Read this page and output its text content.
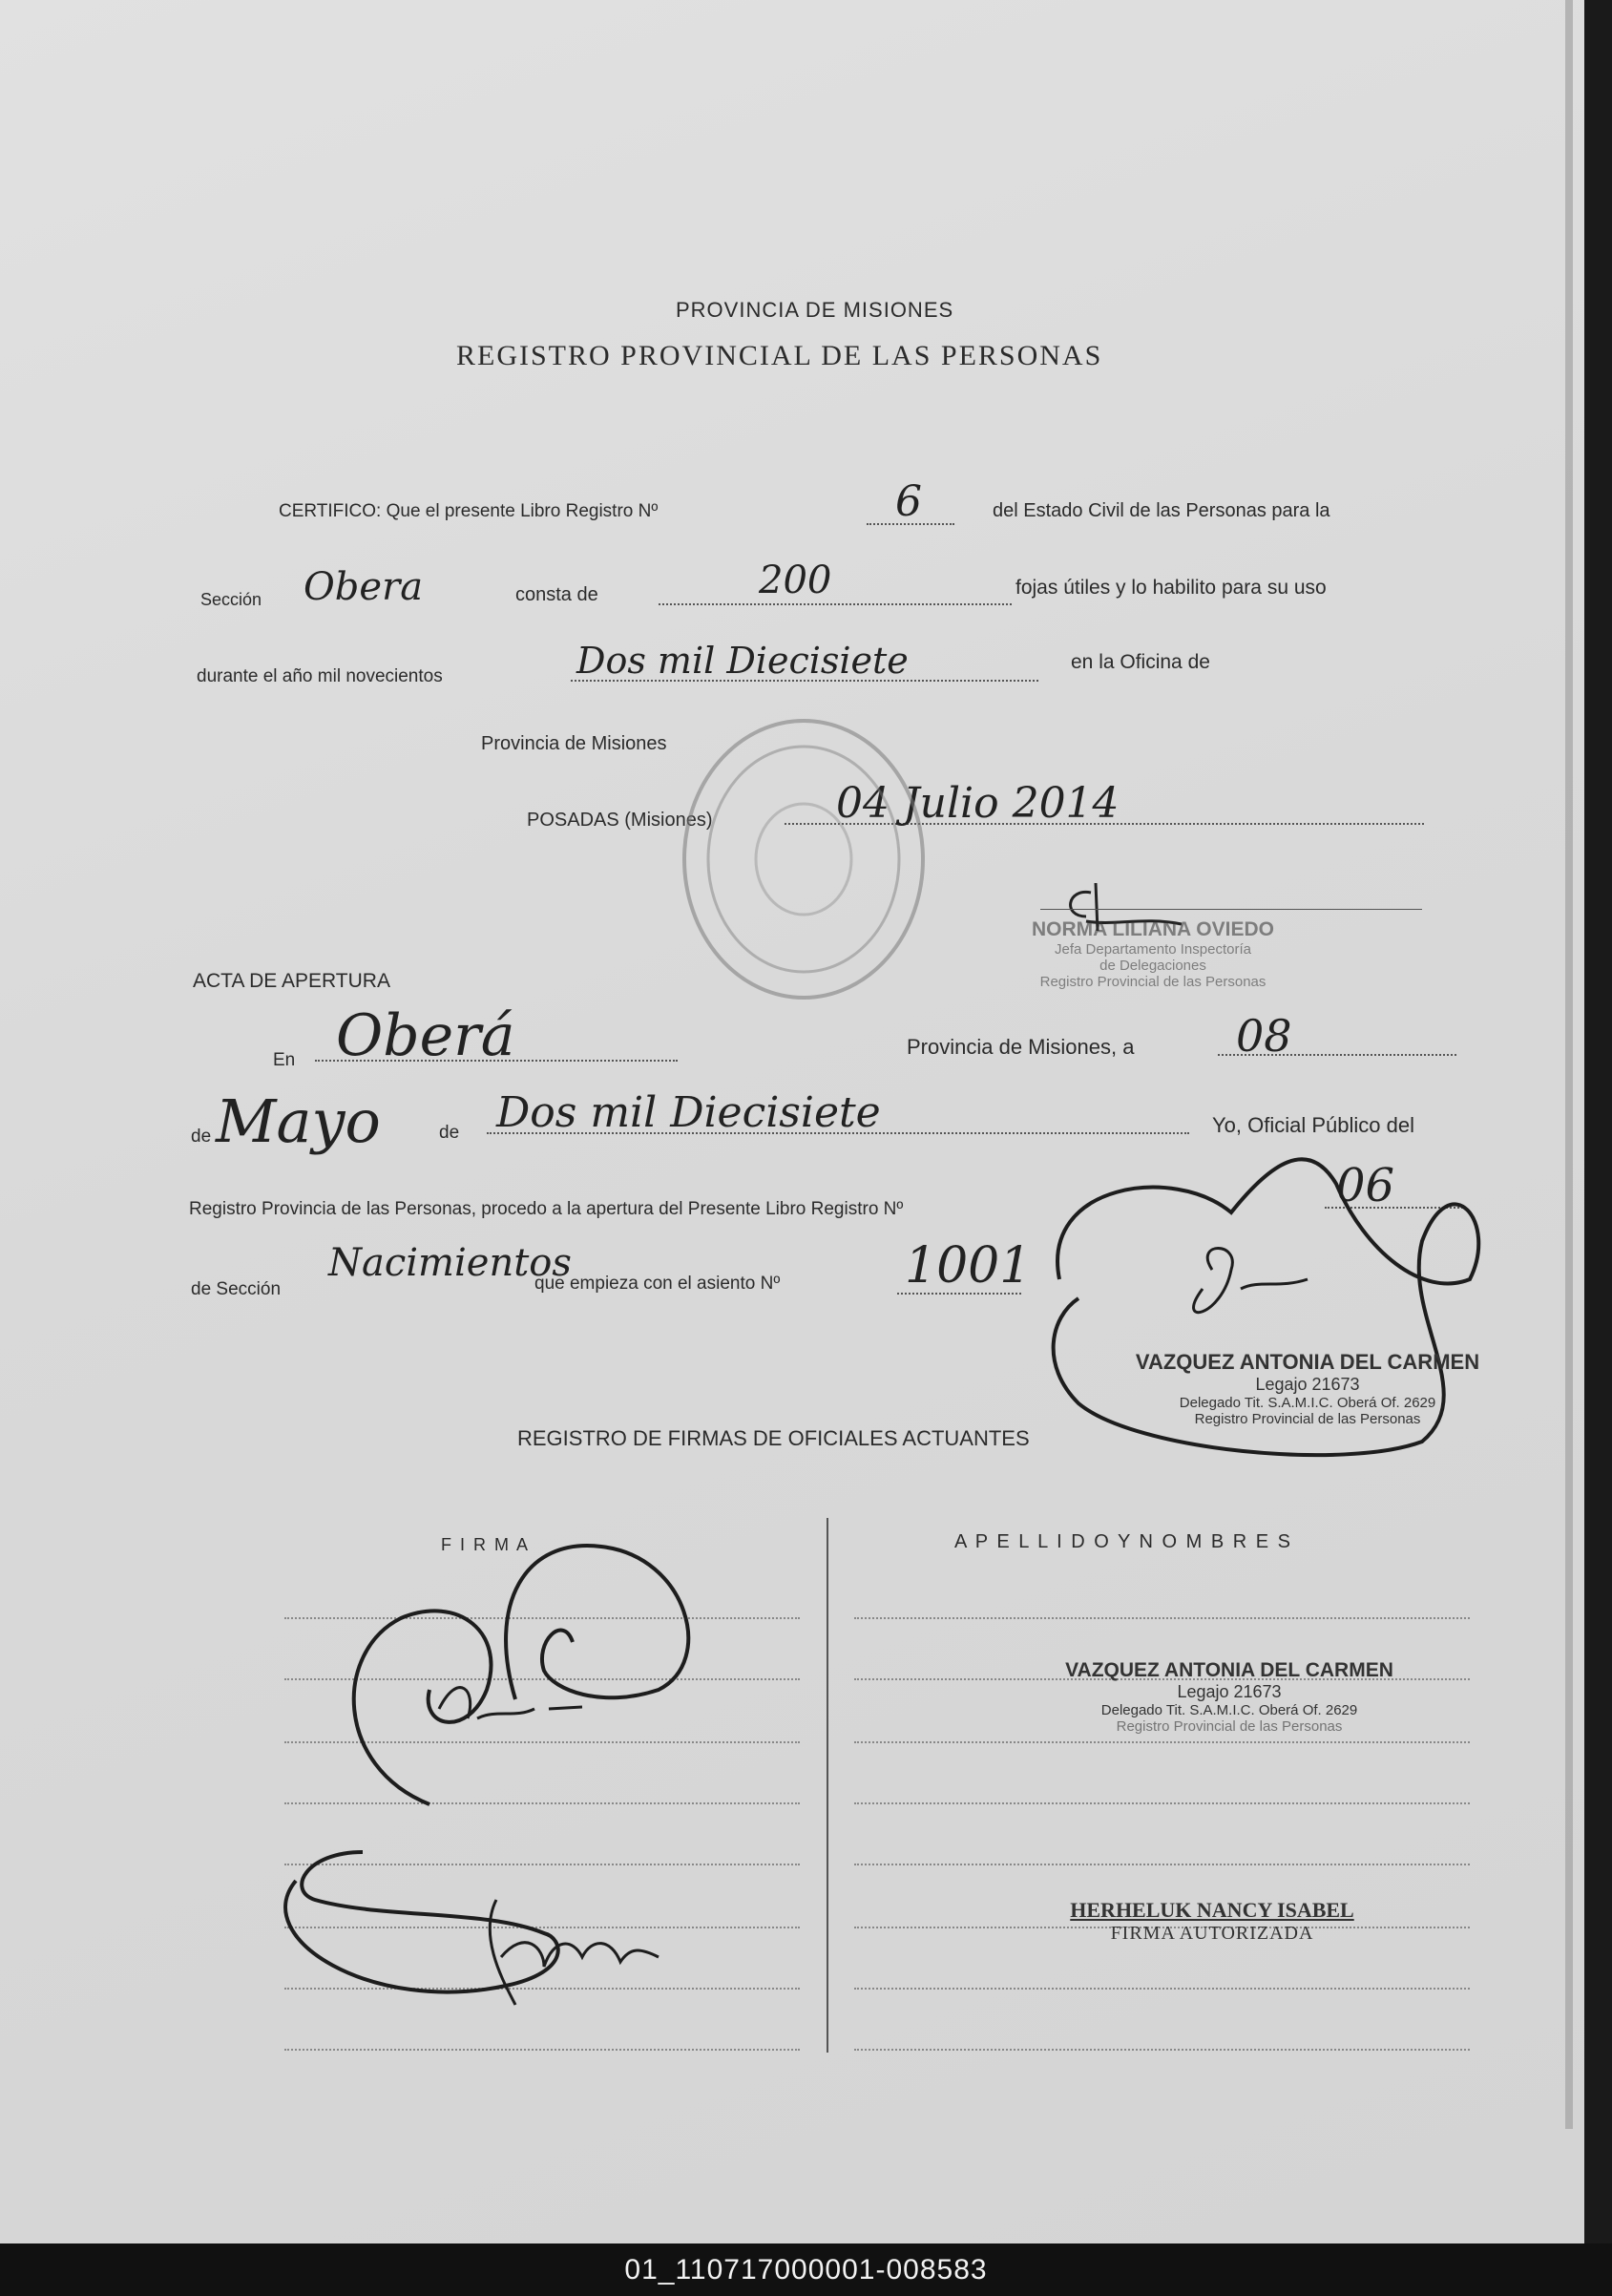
PROVINCIA DE MISIONES
REGISTRO PROVINCIAL DE LAS PERSONAS
CERTIFICO: Que el presente Libro Registro Nº	6	del Estado Civil de las Personas para la
Sección Obera	consta de	200	fojas útiles y lo habilito para su uso
durante el año mil novecientos	Dos mil Diecisiete	en la Oficina de
Provincia de Misiones
POSADAS (Misiones)	04 Julio 2014
NORMA LILIANA OVIEDO
Jefa Departamento Inspectoría
de Delegaciones
Registro Provincial de las Personas
ACTA DE APERTURA
En Oberá	Provincia de Misiones, a 08
de Mayo	de Dos mil Diecisiete	Yo, Oficial Público del
Registro Provincia de las Personas, procedo a la apertura del Presente Libro Registro Nº	06
de Sección
Nacimientos
que empieza con el asiento Nº	1001
VAZQUEZ ANTONIA DEL CARMEN
Legajo 21673
Delegado Tit. S.A.M.I.C. Oberá Of. 2629
Registro Provincial de las Personas
REGISTRO DE FIRMAS DE OFICIALES ACTUANTES
F I R M A	A P E L L I D O Y N O M B R E S
VAZQUEZ ANTONIA DEL CARMEN
Legajo 21673
Delegado Tit. S.A.M.I.C. Oberá Of. 2629
Registro Provincial de las Personas
HERHELUK NANCY ISABEL
FIRMA AUTORIZADA
01_110717000001-008583
